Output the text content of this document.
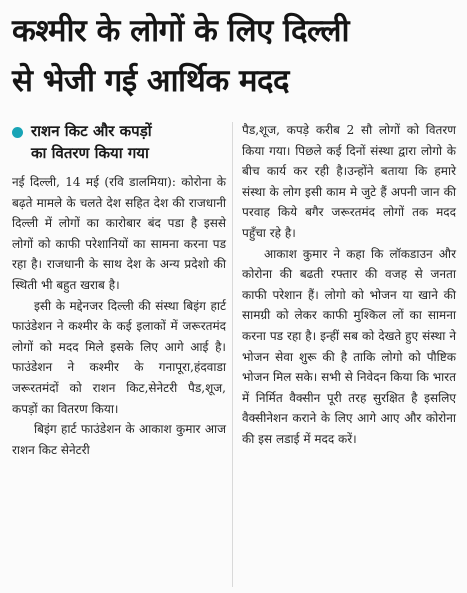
कश्मीर के लोगों के लिए दिल्ली
से भेजी गई आर्थिक मदद
राशन किट और कपड़ों
का वितरण किया गया

नई दिल्ली, 14 मई (रवि डालमिया): कोरोना के बढ़ते मामले के चलते देश सहित देश की राजधानी दिल्ली में लोगों का कारोबार बंद पडा है इससे लोगों को काफी परेशानियों का सामना करना पड रहा है। राजधानी के साथ देश के अन्य प्रदेशो की स्थिती भी बहुत खराब है।

इसी के मद्देनजर दिल्ली की संस्था बिइंग हार्ट फाउंडेशन ने कश्मीर के कई इलाकों में जरूरतमंद लोगों को मदद मिले इसके लिए आगे आई है। फाउंडेशन ने कश्मीर के गनापूरा,हंदवाडा जरूरतमंदों को राशन किट,सेनेटरी पैड,शूज, कपड़ों का वितरण किया।

बिइंग हार्ट फाउंडेशन के आकाश कुमार आज राशन किट सेनेटरी

पैड,शूज, कपड़े करीब 2 सौ लोगों को वितरण किया गया। पिछले कई दिनों संस्था द्वारा लोगो के बीच कार्य कर रही है।उन्होंने बताया कि हमारे संस्था के लोग इसी काम मे जुटे हैं अपनी जान की परवाह किये बगैर जरूरतमंद लोगों तक मदद पहुँचा रहे है।

आकाश कुमार ने कहा कि लॉकडाउन और कोरोना की बढती रफ्तार की वजह से जनता काफी परेशान हैं। लोगो को भोजन या खाने की सामग्री को लेकर काफी मुश्किल लों का सामना करना पड रहा है। इन्हीं सब को देखते हुए संस्था ने भोजन सेवा शुरू की है ताकि लोगो को पौष्टिक भोजन मिल सके। सभी से निवेदन किया कि भारत में निर्मित वैक्सीन पूरी तरह सुरक्षित है इसलिए वैक्सीनेशन कराने के लिए आगे आए और कोरोना की इस लडाई में मदद करें।
